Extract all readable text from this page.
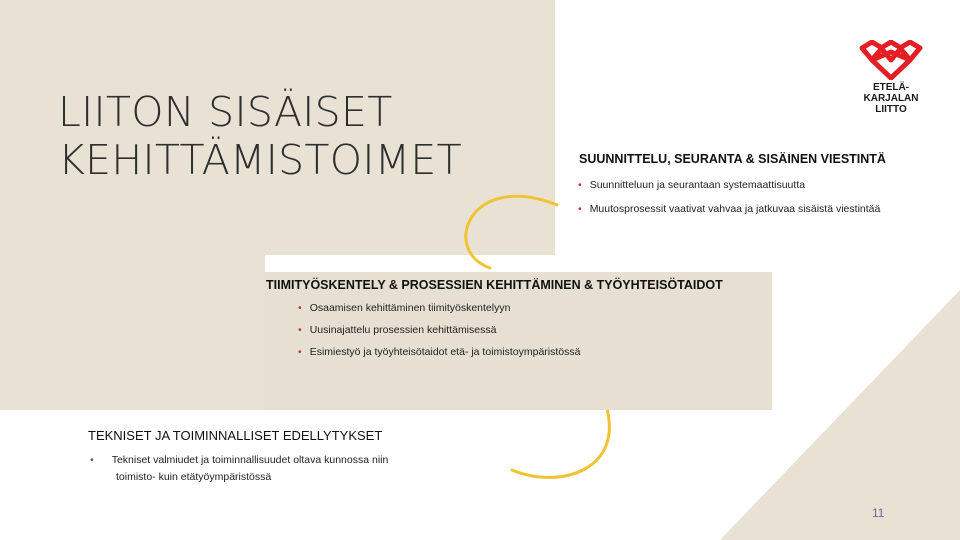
LIITON SISÄISET
KEHITTÄMISTOIMET
ETELÄ-
KARJALAN
LIITTO
SUUNNITTELU, SEURANTA & SISÄINEN VIESTINTÄ
• Suunnitteluun ja seurantaan systemaattisuutta
• Muutosprosessit vaativat vahvaa ja jatkuvaa sisäistä viestintää
TIIMITYÖSKENTELY & PROSESSIEN KEHITTÄMINEN & TYÖYHTEISÖTAIDOT
• Osaamisen kehittäminen tiimityöskentelyyn
• Uusinajattelu prosessien kehittämisessä
• Esimiestyö ja työyhteisötaidot etä- ja toimistoympäristössä
TEKNISET JA TOIMINNALLISET EDELLYTYKSET
• Tekniset valmiudet ja toiminnallisuudet oltava kunnossa niin toimisto- kuin etätyöympäristössä
11
